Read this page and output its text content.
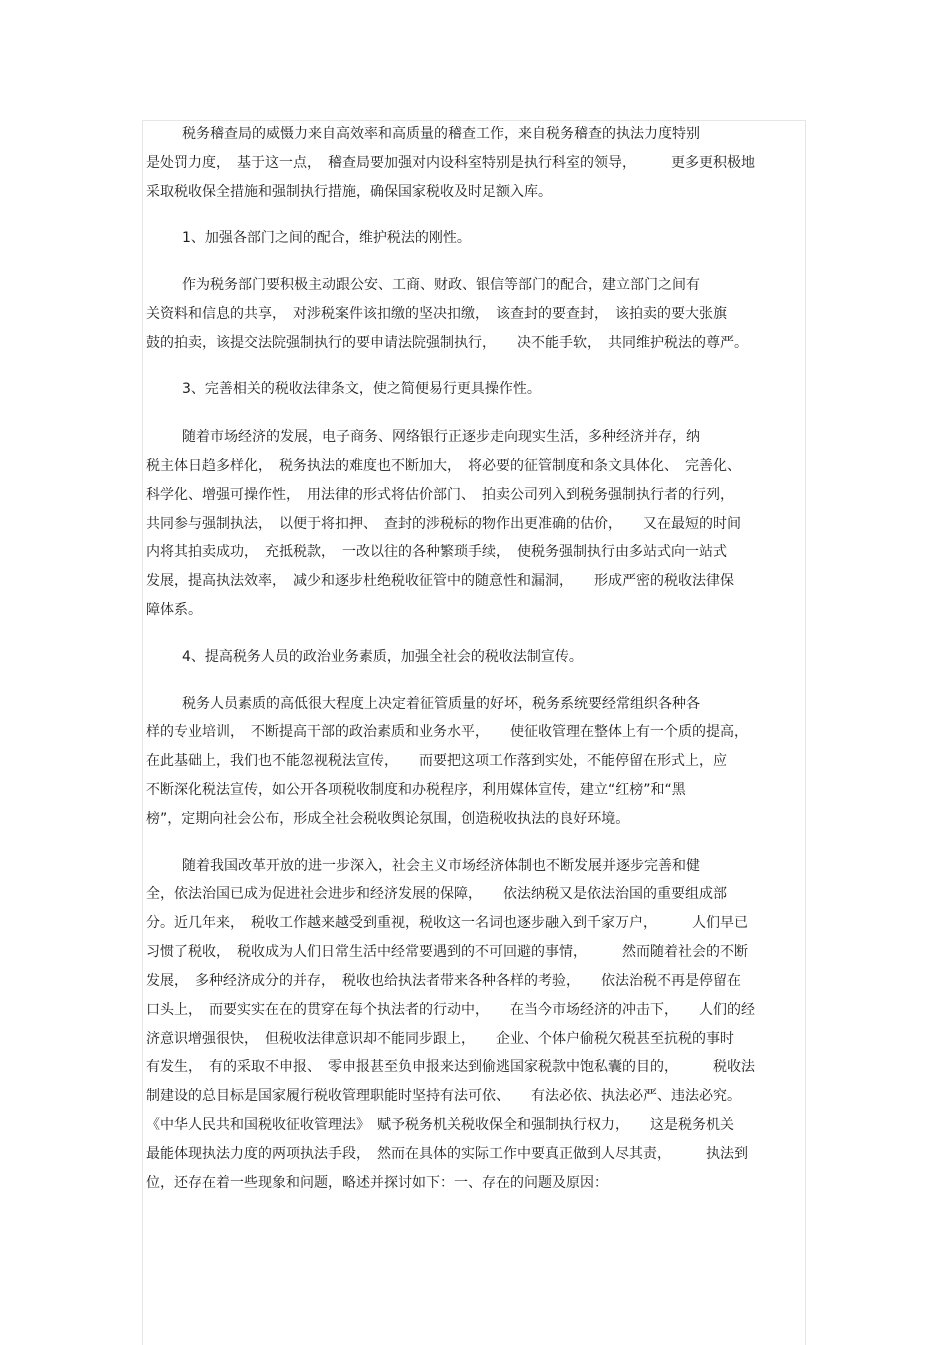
税务稽查局的威慑力来自高效率和高质量的稽查工作，来自税务稽查的执法力度特别
是处罚力度，　基于这一点，　稽查局要加强对内设科室特别是执行科室的领导，　　　更多更积极地
采取税收保全措施和强制执行措施，确保国家税收及时足额入库。
1、加强各部门之间的配合，维护税法的刚性。
作为税务部门要积极主动跟公安、工商、财政、银信等部门的配合，建立部门之间有
关资料和信息的共享，　对涉税案件该扣缴的坚决扣缴，　该查封的要查封，　该拍卖的要大张旗
鼓的拍卖，该提交法院强制执行的要申请法院强制执行，　　决不能手软，　共同维护税法的尊严。
3、完善相关的税收法律条文，使之简便易行更具操作性。
随着市场经济的发展，电子商务、网络银行正逐步走向现实生活，多种经济并存，纳
税主体日趋多样化，　税务执法的难度也不断加大，　将必要的征管制度和条文具体化、　完善化、
科学化、增强可操作性，　用法律的形式将估价部门、　拍卖公司列入到税务强制执行者的行列，
共同参与强制执法，　以便于将扣押、　查封的涉税标的物作出更准确的估价，　　又在最短的时间
内将其拍卖成功，　充抵税款，　一改以往的各种繁琐手续，　使税务强制执行由多站式向一站式
发展，提高执法效率，　减少和逐步杜绝税收征管中的随意性和漏洞，　　形成严密的税收法律保
障体系。
4、提高税务人员的政治业务素质，加强全社会的税收法制宣传。
税务人员素质的高低很大程度上决定着征管质量的好坏，税务系统要经常组织各种各
样的专业培训，　不断提高干部的政治素质和业务水平，　　使征收管理在整体上有一个质的提高，
在此基础上，我们也不能忽视税法宣传，　　而要把这项工作落到实处，不能停留在形式上，应
不断深化税法宣传，如公开各项税收制度和办税程序，利用媒体宣传，建立“红榜”和“黑
榜”，定期向社会公布，形成全社会税收舆论氛围，创造税收执法的良好环境。
随着我国改革开放的进一步深入，社会主义市场经济体制也不断发展并逐步完善和健
全，依法治国已成为促进社会进步和经济发展的保障，　　依法纳税又是依法治国的重要组成部
分。近几年来，　税收工作越来越受到重视，税收这一名词也逐步融入到千家万户，　　　人们早已
习惯了税收，　税收成为人们日常生活中经常要遇到的不可回避的事情，　　　然而随着社会的不断
发展，　多种经济成分的并存，　税收也给执法者带来各种各样的考验，　　依法治税不再是停留在
口头上，　而要实实在在的贯穿在每个执法者的行动中，　　在当今市场经济的冲击下，　　人们的经
济意识增强很快，　但税收法律意识却不能同步跟上，　　企业、个体户偷税欠税甚至抗税的事时
有发生，　有的采取不申报、　零申报甚至负申报来达到偷逃国家税款中饱私囊的目的，　　　税收法
制建设的总目标是国家履行税收管理职能时坚持有法可依、　　有法必依、执法必严、违法必究。
《中华人民共和国税收征收管理法》　赋予税务机关税收保全和强制执行权力，　　这是税务机关
最能体现执法力度的两项执法手段，　然而在具体的实际工作中要真正做到人尽其责，　　　执法到
位，还存在着一些现象和问题，略述并探讨如下：一、存在的问题及原因：
